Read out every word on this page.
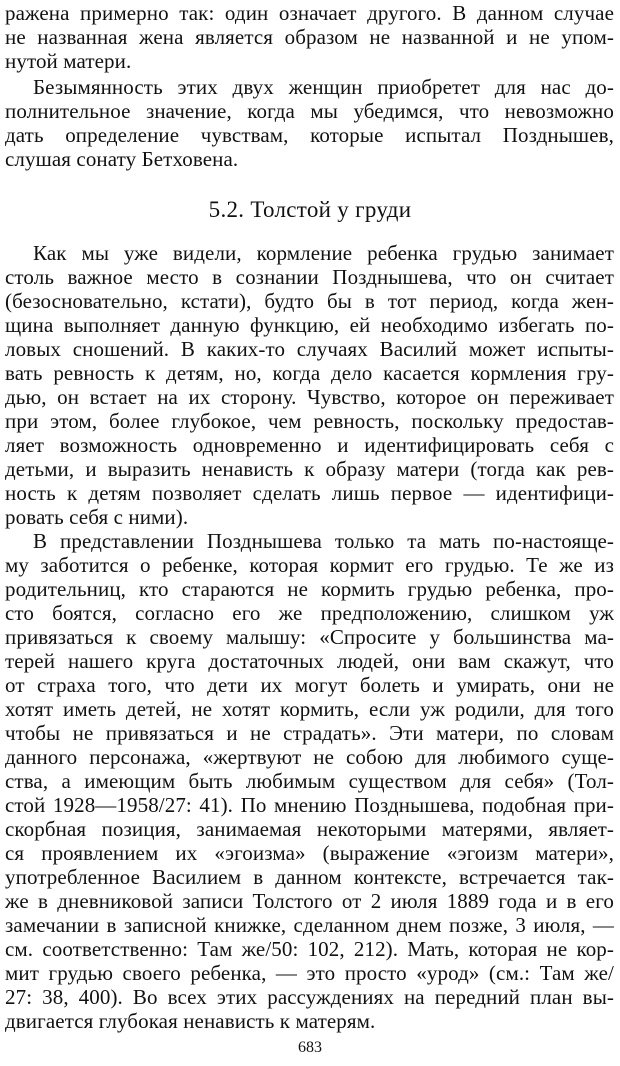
ражена примерно так: один означает другого. В данном случае
не названная жена является образом не названной и не упом-
нутой матери.
Безымянность этих двух женщин приобретет для нас до-
полнительное значение, когда мы убедимся, что невозможно
дать определение чувствам, которые испытал Позднышев,
слушая сонату Бетховена.
5.2. Толстой у груди
Как мы уже видели, кормление ребенка грудью занимает
столь важное место в сознании Позднышева, что он считает
(безосновательно, кстати), будто бы в тот период, когда жен-
щина выполняет данную функцию, ей необходимо избегать по-
ловых сношений. В каких-то случаях Василий может испыты-
вать ревность к детям, но, когда дело касается кормления гру-
дью, он встает на их сторону. Чувство, которое он переживает
при этом, более глубокое, чем ревность, поскольку предостав-
ляет возможность одновременно и идентифицировать себя с
детьми, и выразить ненависть к образу матери (тогда как рев-
ность к детям позволяет сделать лишь первое — идентифици-
ровать себя с ними).
В представлении Позднышева только та мать по-настояще-
му заботится о ребенке, которая кормит его грудью. Те же из
родительниц, кто стараются не кормить грудью ребенка, про-
сто боятся, согласно его же предположению, слишком уж
привязаться к своему малышу: «Спросите у большинства ма-
терей нашего круга достаточных людей, они вам скажут, что
от страха того, что дети их могут болеть и умирать, они не
хотят иметь детей, не хотят кормить, если уж родили, для того
чтобы не привязаться и не страдать». Эти матери, по словам
данного персонажа, «жертвуют не собою для любимого суще-
ства, а имеющим быть любимым существом для себя» (Тол-
стой 1928—1958/27: 41). По мнению Позднышева, подобная при-
скорбная позиция, занимаемая некоторыми матерями, являет-
ся проявлением их «эгоизма» (выражение «эгоизм матери»,
употребленное Василием в данном контексте, встречается так-
же в дневниковой записи Толстого от 2 июля 1889 года и в его
замечании в записной книжке, сделанном днем позже, 3 июля, —
см. соответственно: Там же/50: 102, 212). Мать, которая не кор-
мит грудью своего ребенка, — это просто «урод» (см.: Там же/
27: 38, 400). Во всех этих рассуждениях на передний план вы-
двигается глубокая ненависть к матерям.
683
